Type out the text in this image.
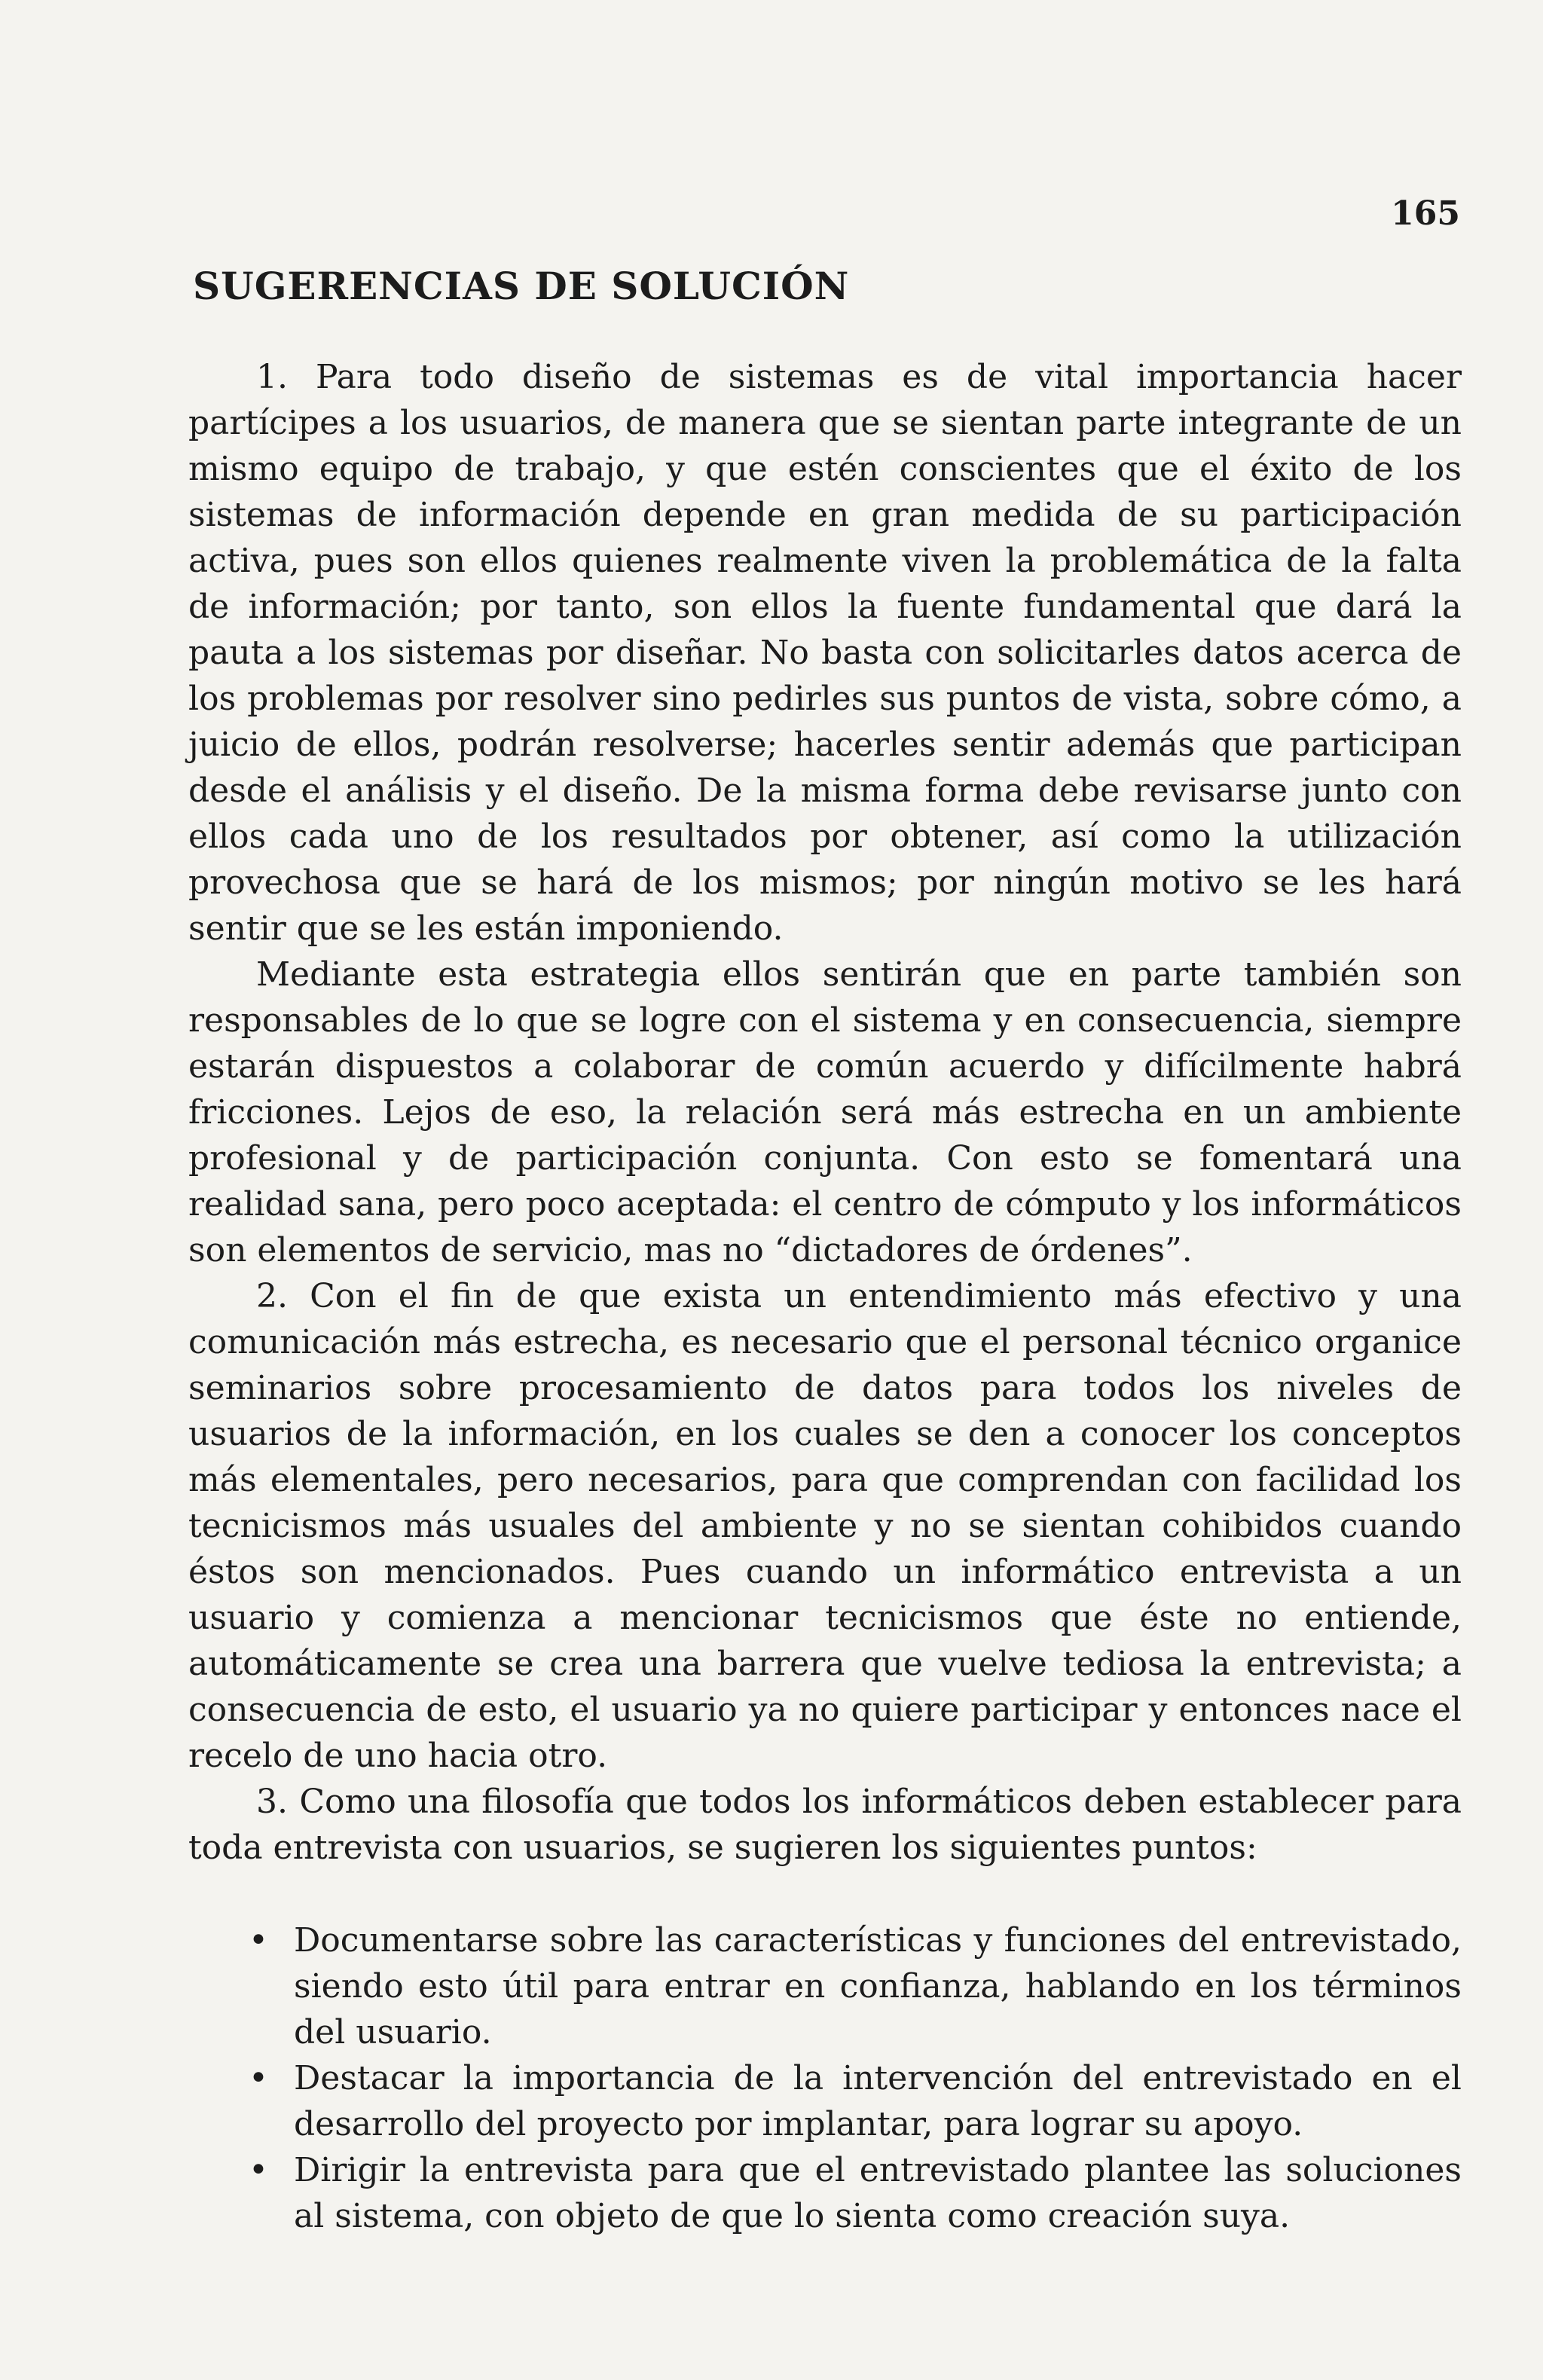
165
SUGERENCIAS DE SOLUCIÓN

1. Para todo diseño de sistemas es de vital importancia hacer partícipes a los usuarios, de manera que se sientan parte integrante de un mismo equipo de trabajo, y que estén conscientes que el éxito de los sistemas de información depende en gran medida de su participación activa, pues son ellos quienes realmente viven la problemática de la falta de información; por tanto, son ellos la fuente fundamental que dará la pauta a los sistemas por diseñar. No basta con solicitarles datos acerca de los problemas por resolver sino pedirles sus puntos de vista, sobre cómo, a juicio de ellos, podrán resolverse; hacerles sentir además que participan desde el análisis y el diseño. De la misma forma debe revisarse junto con ellos cada uno de los resultados por obtener, así como la utilización provechosa que se hará de los mismos; por ningún motivo se les hará sentir que se les están imponiendo.

Mediante esta estrategia ellos sentirán que en parte también son responsables de lo que se logre con el sistema y en consecuencia, siempre estarán dispuestos a colaborar de común acuerdo y difícilmente habrá fricciones. Lejos de eso, la relación será más estrecha en un ambiente profesional y de participación conjunta. Con esto se fomentará una realidad sana, pero poco aceptada: el centro de cómputo y los informáticos son elementos de servicio, mas no “dictadores de órdenes”.

2. Con el fin de que exista un entendimiento más efectivo y una comunicación más estrecha, es necesario que el personal técnico organice seminarios sobre procesamiento de datos para todos los niveles de usuarios de la información, en los cuales se den a conocer los conceptos más elementales, pero necesarios, para que comprendan con facilidad los tecnicismos más usuales del ambiente y no se sientan cohibidos cuando éstos son mencionados. Pues cuando un informático entrevista a un usuario y comienza a mencionar tecnicismos que éste no entiende, automáticamente se crea una barrera que vuelve tediosa la entrevista; a consecuencia de esto, el usuario ya no quiere participar y entonces nace el recelo de uno hacia otro.

3. Como una filosofía que todos los informáticos deben establecer para toda entrevista con usuarios, se sugieren los siguientes puntos:

• Documentarse sobre las características y funciones del entrevistado, siendo esto útil para entrar en confianza, hablando en los términos del usuario.
• Destacar la importancia de la intervención del entrevistado en el desarrollo del proyecto por implantar, para lograr su apoyo.
• Dirigir la entrevista para que el entrevistado plantee las soluciones al sistema, con objeto de que lo sienta como creación suya.
